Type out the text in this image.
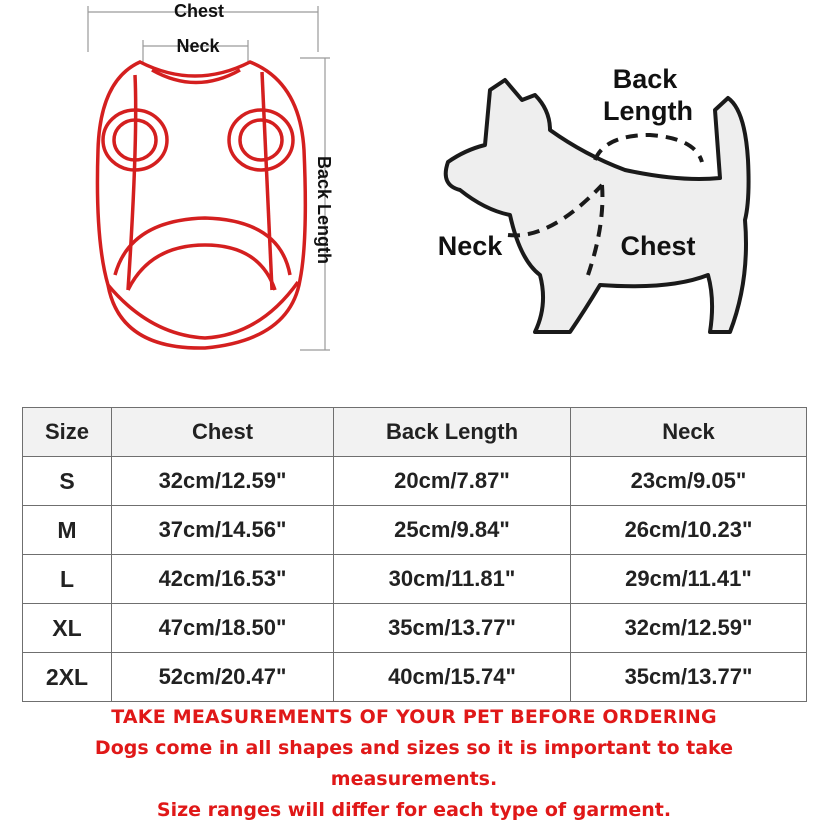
Chest
Neck
Back Length
Back
Length
Neck	Chest
Size	Chest	Back Length	Neck
S	32cm/12.59"	20cm/7.87"	23cm/9.05"
M	37cm/14.56"	25cm/9.84"	26cm/10.23"
L	42cm/16.53"	30cm/11.81"	29cm/11.41"
XL	47cm/18.50"	35cm/13.77"	32cm/12.59"
2XL	52cm/20.47"	40cm/15.74"	35cm/13.77"
TAKE MEASUREMENTS OF YOUR PET BEFORE ORDERING
Dogs come in all shapes and sizes so it is important to take measurements.
Size ranges will differ for each type of garment.
